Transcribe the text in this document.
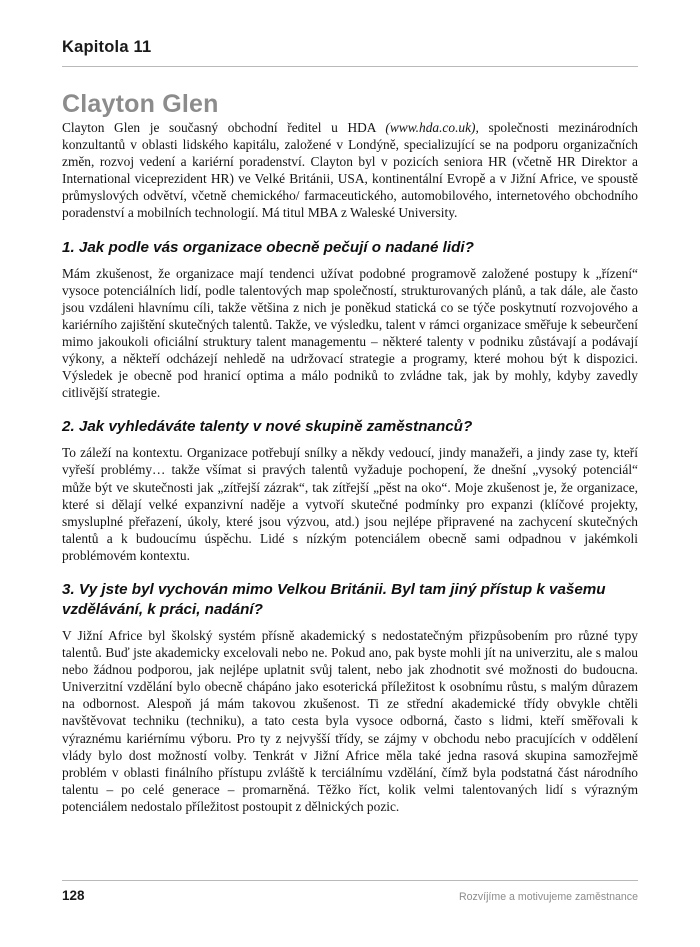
Kapitola 11
Clayton Glen

Clayton Glen je současný obchodní ředitel u HDA (www.hda.co.uk), společnosti mezinárodních konzultantů v oblasti lidského kapitálu, založené v Londýně, specializující se na podporu organizačních změn, rozvoj vedení a kariérní poradenství. Clayton byl v pozicích seniora HR (včetně HR Direktor a International viceprezident HR) ve Velké Británii, USA, kontinentální Evropě a v Jižní Africe, ve spoustě průmyslových odvětví, včetně chemického/ farmaceutického, automobilového, internetového obchodního poradenství a mobilních technologií. Má titul MBA z Waleské University.

1. Jak podle vás organizace obecně pečují o nadané lidi?

Mám zkušenost, že organizace mají tendenci užívat podobné programově založené postupy k „řízení“ vysoce potenciálních lidí, podle talentových map společností, strukturovaných plánů, a tak dále, ale často jsou vzdáleni hlavnímu cíli, takže většina z nich je poněkud statická co se týče poskytnutí rozvojového a kariérního zajištění skutečných talentů. Takže, ve výsledku, talent v rámci organizace směřuje k sebeurčení mimo jakoukoli oficiální struktury talent managementu – některé talenty v podniku zůstávají a podávají výkony, a někteří odcházejí nehledě na udržovací strategie a programy, které mohou být k dispozici. Výsledek je obecně pod hranicí optima a málo podniků to zvládne tak, jak by mohly, kdyby zavedly citlivější strategie.

2. Jak vyhledáváte talenty v nové skupině zaměstnanců?

To záleží na kontextu. Organizace potřebují snílky a někdy vedoucí, jindy manažeři, a jindy zase ty, kteří vyřeší problémy… takže všímat si pravých talentů vyžaduje pochopení, že dnešní „vysoký potenciál“ může být ve skutečnosti jak „zítřejší zázrak“, tak zítřejší „pěst na oko“. Moje zkušenost je, že organizace, které si dělají velké expanzivní naděje a vytvoří skutečné podmínky pro expanzi (klíčové projekty, smysluplné přeřazení, úkoly, které jsou výzvou, atd.) jsou nejlépe připravené na zachycení skutečných talentů a k budoucímu úspěchu. Lidé s nízkým potenciálem obecně sami odpadnou v jakémkoli problémovém kontextu.

3. Vy jste byl vychován mimo Velkou Británii. Byl tam jiný přístup k vašemu vzdělávání, k práci, nadání?

V Jižní Africe byl školský systém přísně akademický s nedostatečným přizpůsobením pro různé typy talentů. Buď jste akademicky excelovali nebo ne. Pokud ano, pak byste mohli jít na univerzitu, ale s malou nebo žádnou podporou, jak nejlépe uplatnit svůj talent, nebo jak zhodnotit své možnosti do budoucna. Univerzitní vzdělání bylo obecně chápáno jako esoterická příležitost k osobnímu růstu, s malým důrazem na odbornost. Alespoň já mám takovou zkušenost. Ti ze střední akademické třídy obvykle chtěli navštěvovat techniku (techniku), a tato cesta byla vysoce odborná, často s lidmi, kteří směřovali k výraznému kariérnímu výboru. Pro ty z nejvyšší třídy, se zájmy v obchodu nebo pracujících v oddělení vlády bylo dost možností volby. Tenkrát v Jižní Africe měla také jedna rasová skupina samozřejmě problém v oblasti finálního přístupu zvláště k terciálnímu vzdělání, čímž byla podstatná část národního talentu – po celé generace – promarněná. Těžko říct, kolik velmi talentovaných lidí s výrazným potenciálem nedostalo příležitost postoupit z dělnických pozic.

128	Rozvíjíme a motivujeme zaměstnance
